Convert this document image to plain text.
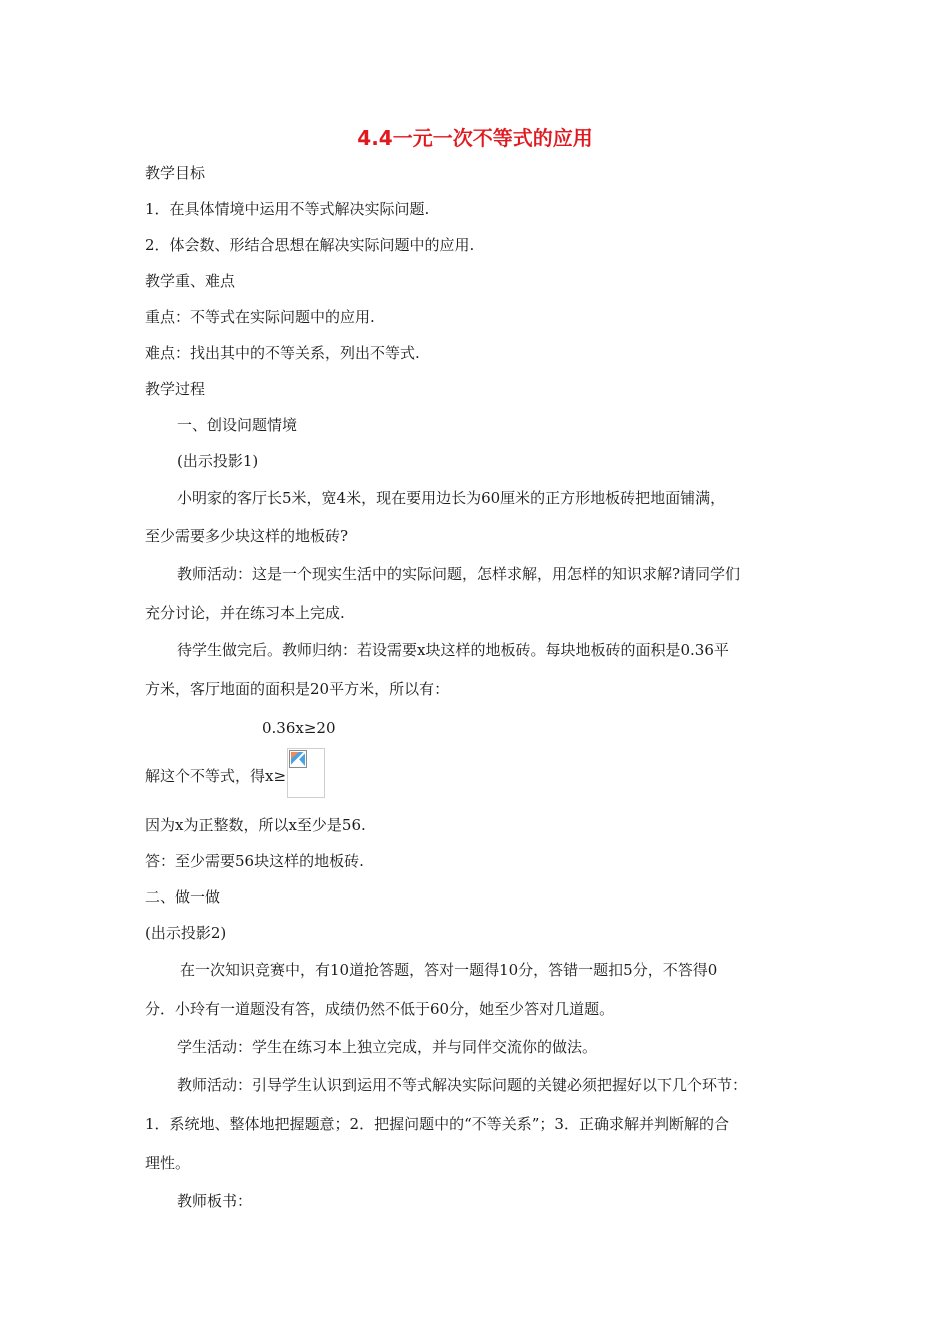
4.4一元一次不等式的应用
教学目标
1．在具体情境中运用不等式解决实际问题.
2．体会数、形结合思想在解决实际问题中的应用.
教学重、难点
重点：不等式在实际问题中的应用.
难点：找出其中的不等关系，列出不等式.
教学过程
一、创设问题情境
(出示投影1)
小明家的客厅长5米，宽4米，现在要用边长为60厘米的正方形地板砖把地面铺满，
至少需要多少块这样的地板砖?
教师活动：这是一个现实生活中的实际问题，怎样求解，用怎样的知识求解?请同学们
充分讨论，并在练习本上完成.
待学生做完后。教师归纳：若设需要x块这样的地板砖。每块地板砖的面积是0.36平
方米，客厅地面的面积是20平方米，所以有：
0.36x≥20
解这个不等式，得x≥
因为x为正整数，所以x至少是56.
答：至少需要56块这样的地板砖.
二、做一做
(出示投影2)
在一次知识竞赛中，有10道抢答题，答对一题得10分，答错一题扣5分，不答得0
分．小玲有一道题没有答，成绩仍然不低于60分，她至少答对几道题。
学生活动：学生在练习本上独立完成，并与同伴交流你的做法。
教师活动：引导学生认识到运用不等式解决实际问题的关键必须把握好以下几个环节：
1．系统地、整体地把握题意；2．把握问题中的“不等关系”；3．正确求解并判断解的合
理性。
教师板书：
